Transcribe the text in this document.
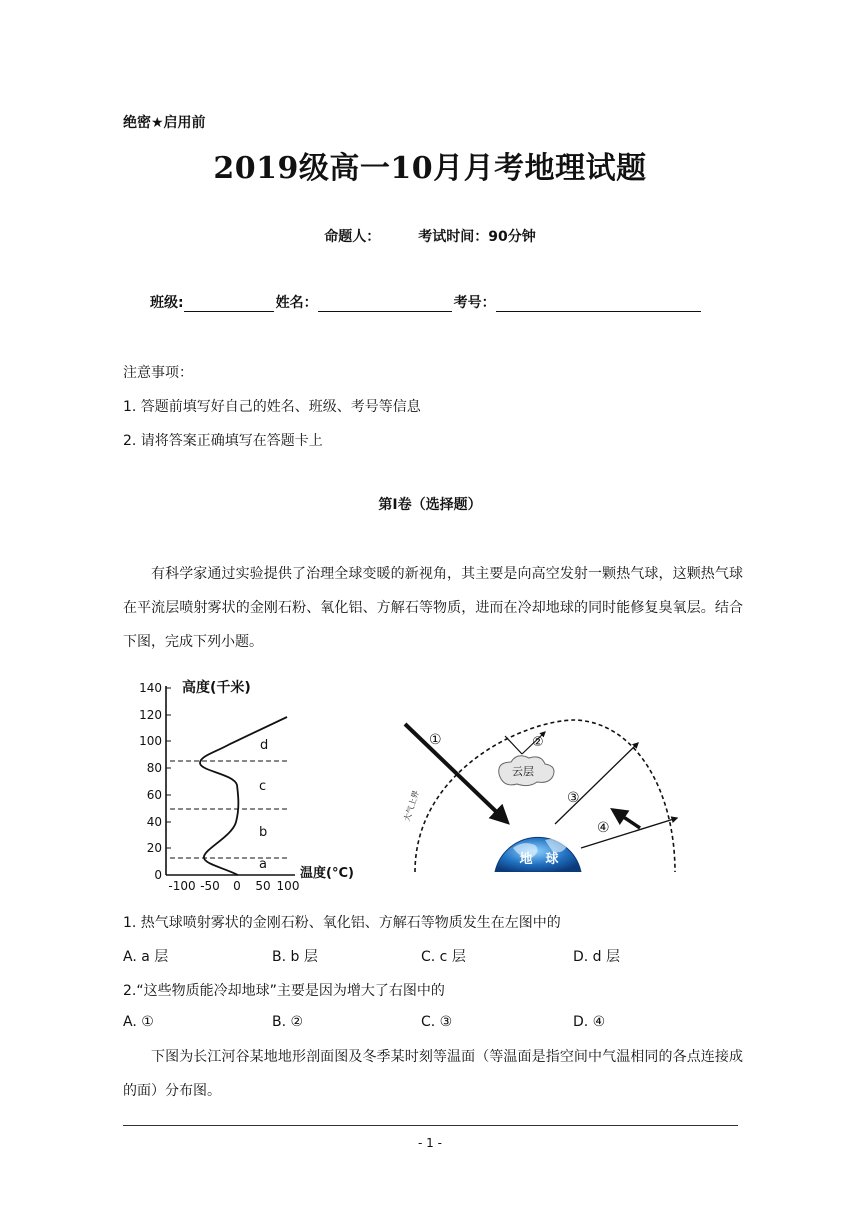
绝密★启用前
2019级高一10月月考地理试题
命题人：	考试时间：90分钟
班级:	姓名：	考号：
注意事项：
1. 答题前填写好自己的姓名、班级、考号等信息
2. 请将答案正确填写在答题卡上
第Ⅰ卷（选择题）
有科学家通过实验提供了治理全球变暖的新视角，其主要是向高空发射一颗热气球，这颗热气球在平流层喷射雾状的金刚石粉、氧化铝、方解石等物质，进而在冷却地球的同时能修复臭氧层。结合下图，完成下列小题。
140
120
100
80
60
40
20
0
-100 -50 0 50 100
高度(千米)
温度(°C)
d
c
b
a
大气上界
地　球
①	②
云层
③
④
1. 热气球喷射雾状的金刚石粉、氧化铝、方解石等物质发生在左图中的
A. a 层	B. b 层	C. c 层	D. d 层
2.“这些物质能冷却地球”主要是因为增大了右图中的
A. ①	B. ②	C. ③	D. ④
下图为长江河谷某地地形剖面图及冬季某时刻等温面（等温面是指空间中气温相同的各点连接成的面）分布图。
- 1 -
